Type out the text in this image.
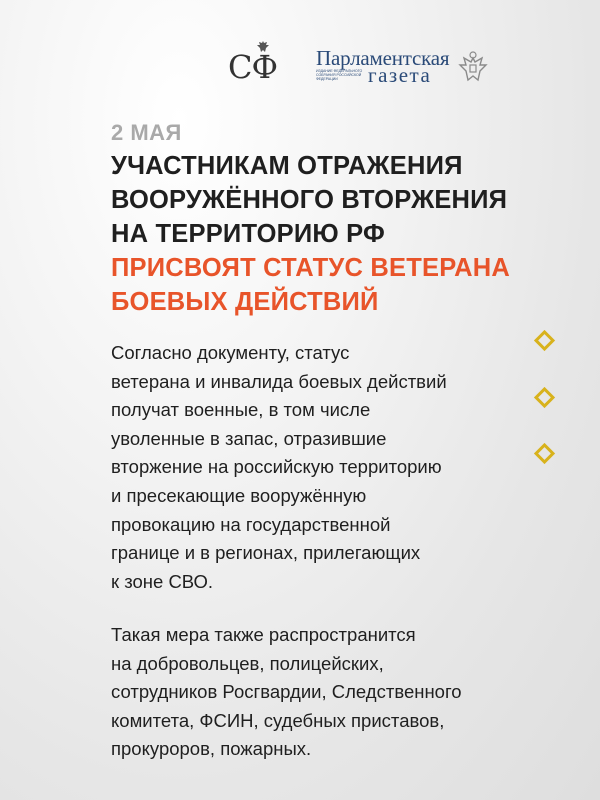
СФ Парламентская
ИЗДАНИЕ ФЕДЕРАЛЬНОГО СОБРАНИЯ РОССИЙСКОЙ ФЕДЕРАЦИИ	газета
2 МАЯ
УЧАСТНИКАМ ОТРАЖЕНИЯ
ВООРУЖЁННОГО ВТОРЖЕНИЯ
НА ТЕРРИТОРИЮ РФ
ПРИСВОЯТ СТАТУС ВЕТЕРАНА
БОЕВЫХ ДЕЙСТВИЙ
Согласно документу, статус
ветерана и инвалида боевых действий
получат военные, в том числе
уволенные в запас, отразившие
вторжение на российскую территорию
и пресекающие вооружённую
провокацию на государственной
границе и в регионах, прилегающих
к зоне СВО.
Такая мера также распространится
на добровольцев, полицейских,
сотрудников Росгвардии, Следственного
комитета, ФСИН, судебных приставов,
прокуроров, пожарных.
